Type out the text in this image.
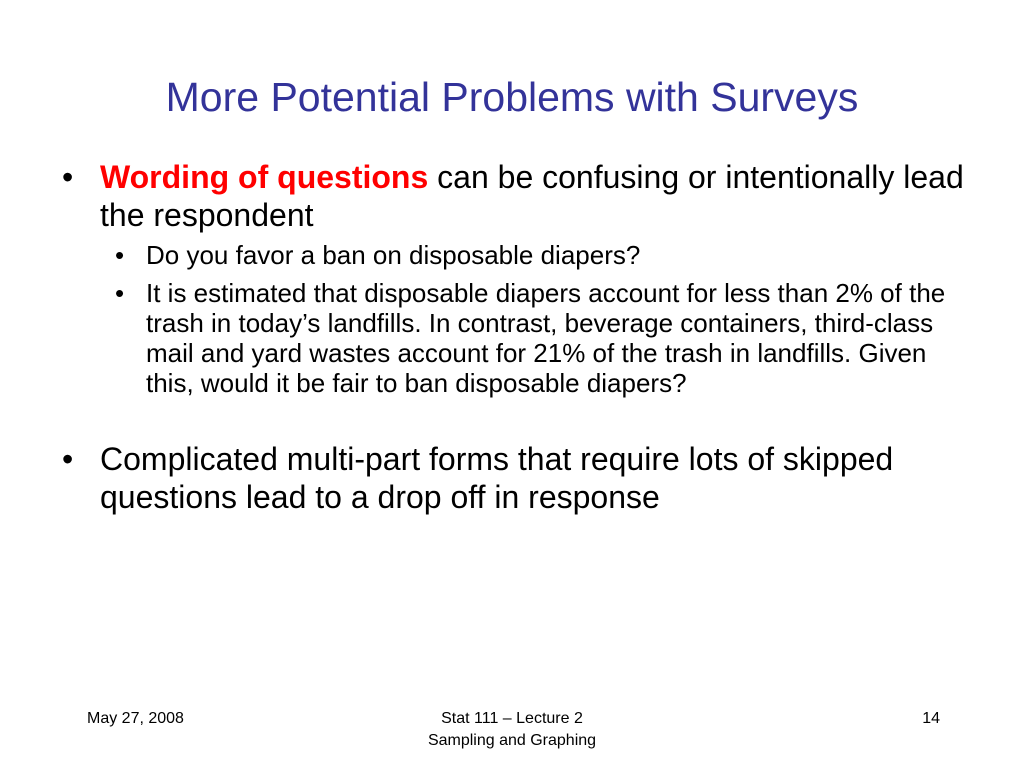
More Potential Problems with Surveys
• Wording of questions can be confusing or intentionally lead the respondent
• Do you favor a ban on disposable diapers?
• It is estimated that disposable diapers account for less than 2% of the trash in today’s landfills. In contrast, beverage containers, third-class mail and yard wastes account for 21% of the trash in landfills. Given this, would it be fair to ban disposable diapers?
• Complicated multi-part forms that require lots of skipped questions lead to a drop off in response
May 27, 2008	Stat 111 – Lecture 2
Sampling and Graphing
14
